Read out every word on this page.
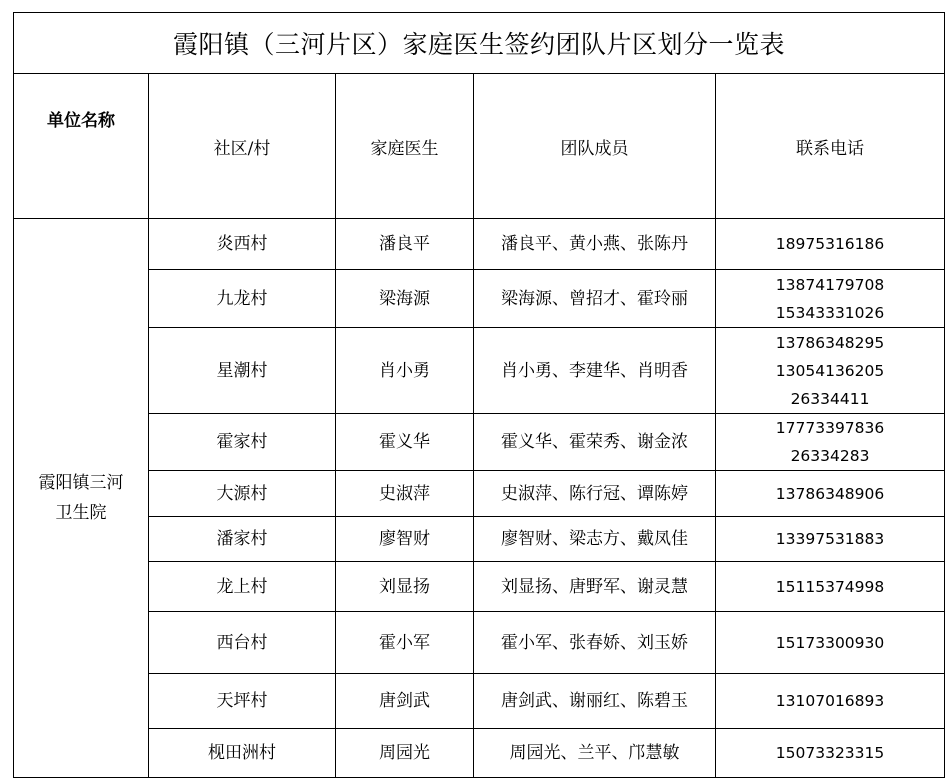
霞阳镇（三河片区）家庭医生签约团队片区划分一览表				
单位名称	社区/村	家庭医生	团队成员	联系电话

霞阳镇三河
卫生院	炎西村	潘良平	潘良平、黄小燕、张陈丹	18975316186

	九龙村	梁海源	梁海源、曾招才、霍玲丽	13874179708
15343331026

	星潮村	肖小勇	肖小勇、李建华、肖明香	13786348295
13054136205
26334411

	霍家村	霍义华	霍义华、霍荣秀、谢金浓	17773397836
26334283

	大源村	史淑萍	史淑萍、陈行冠、谭陈婷	13786348906

	潘家村	廖智财	廖智财、梁志方、戴凤佳	13397531883

	龙上村	刘显扬	刘显扬、唐野军、谢灵慧	15115374998

	西台村	霍小军	霍小军、张春娇、刘玉娇	15173300930

	天坪村	唐剑武	唐剑武、谢丽红、陈碧玉	13107016893

	枧田洲村	周园光	周园光、兰平、邝慧敏	15073323315
